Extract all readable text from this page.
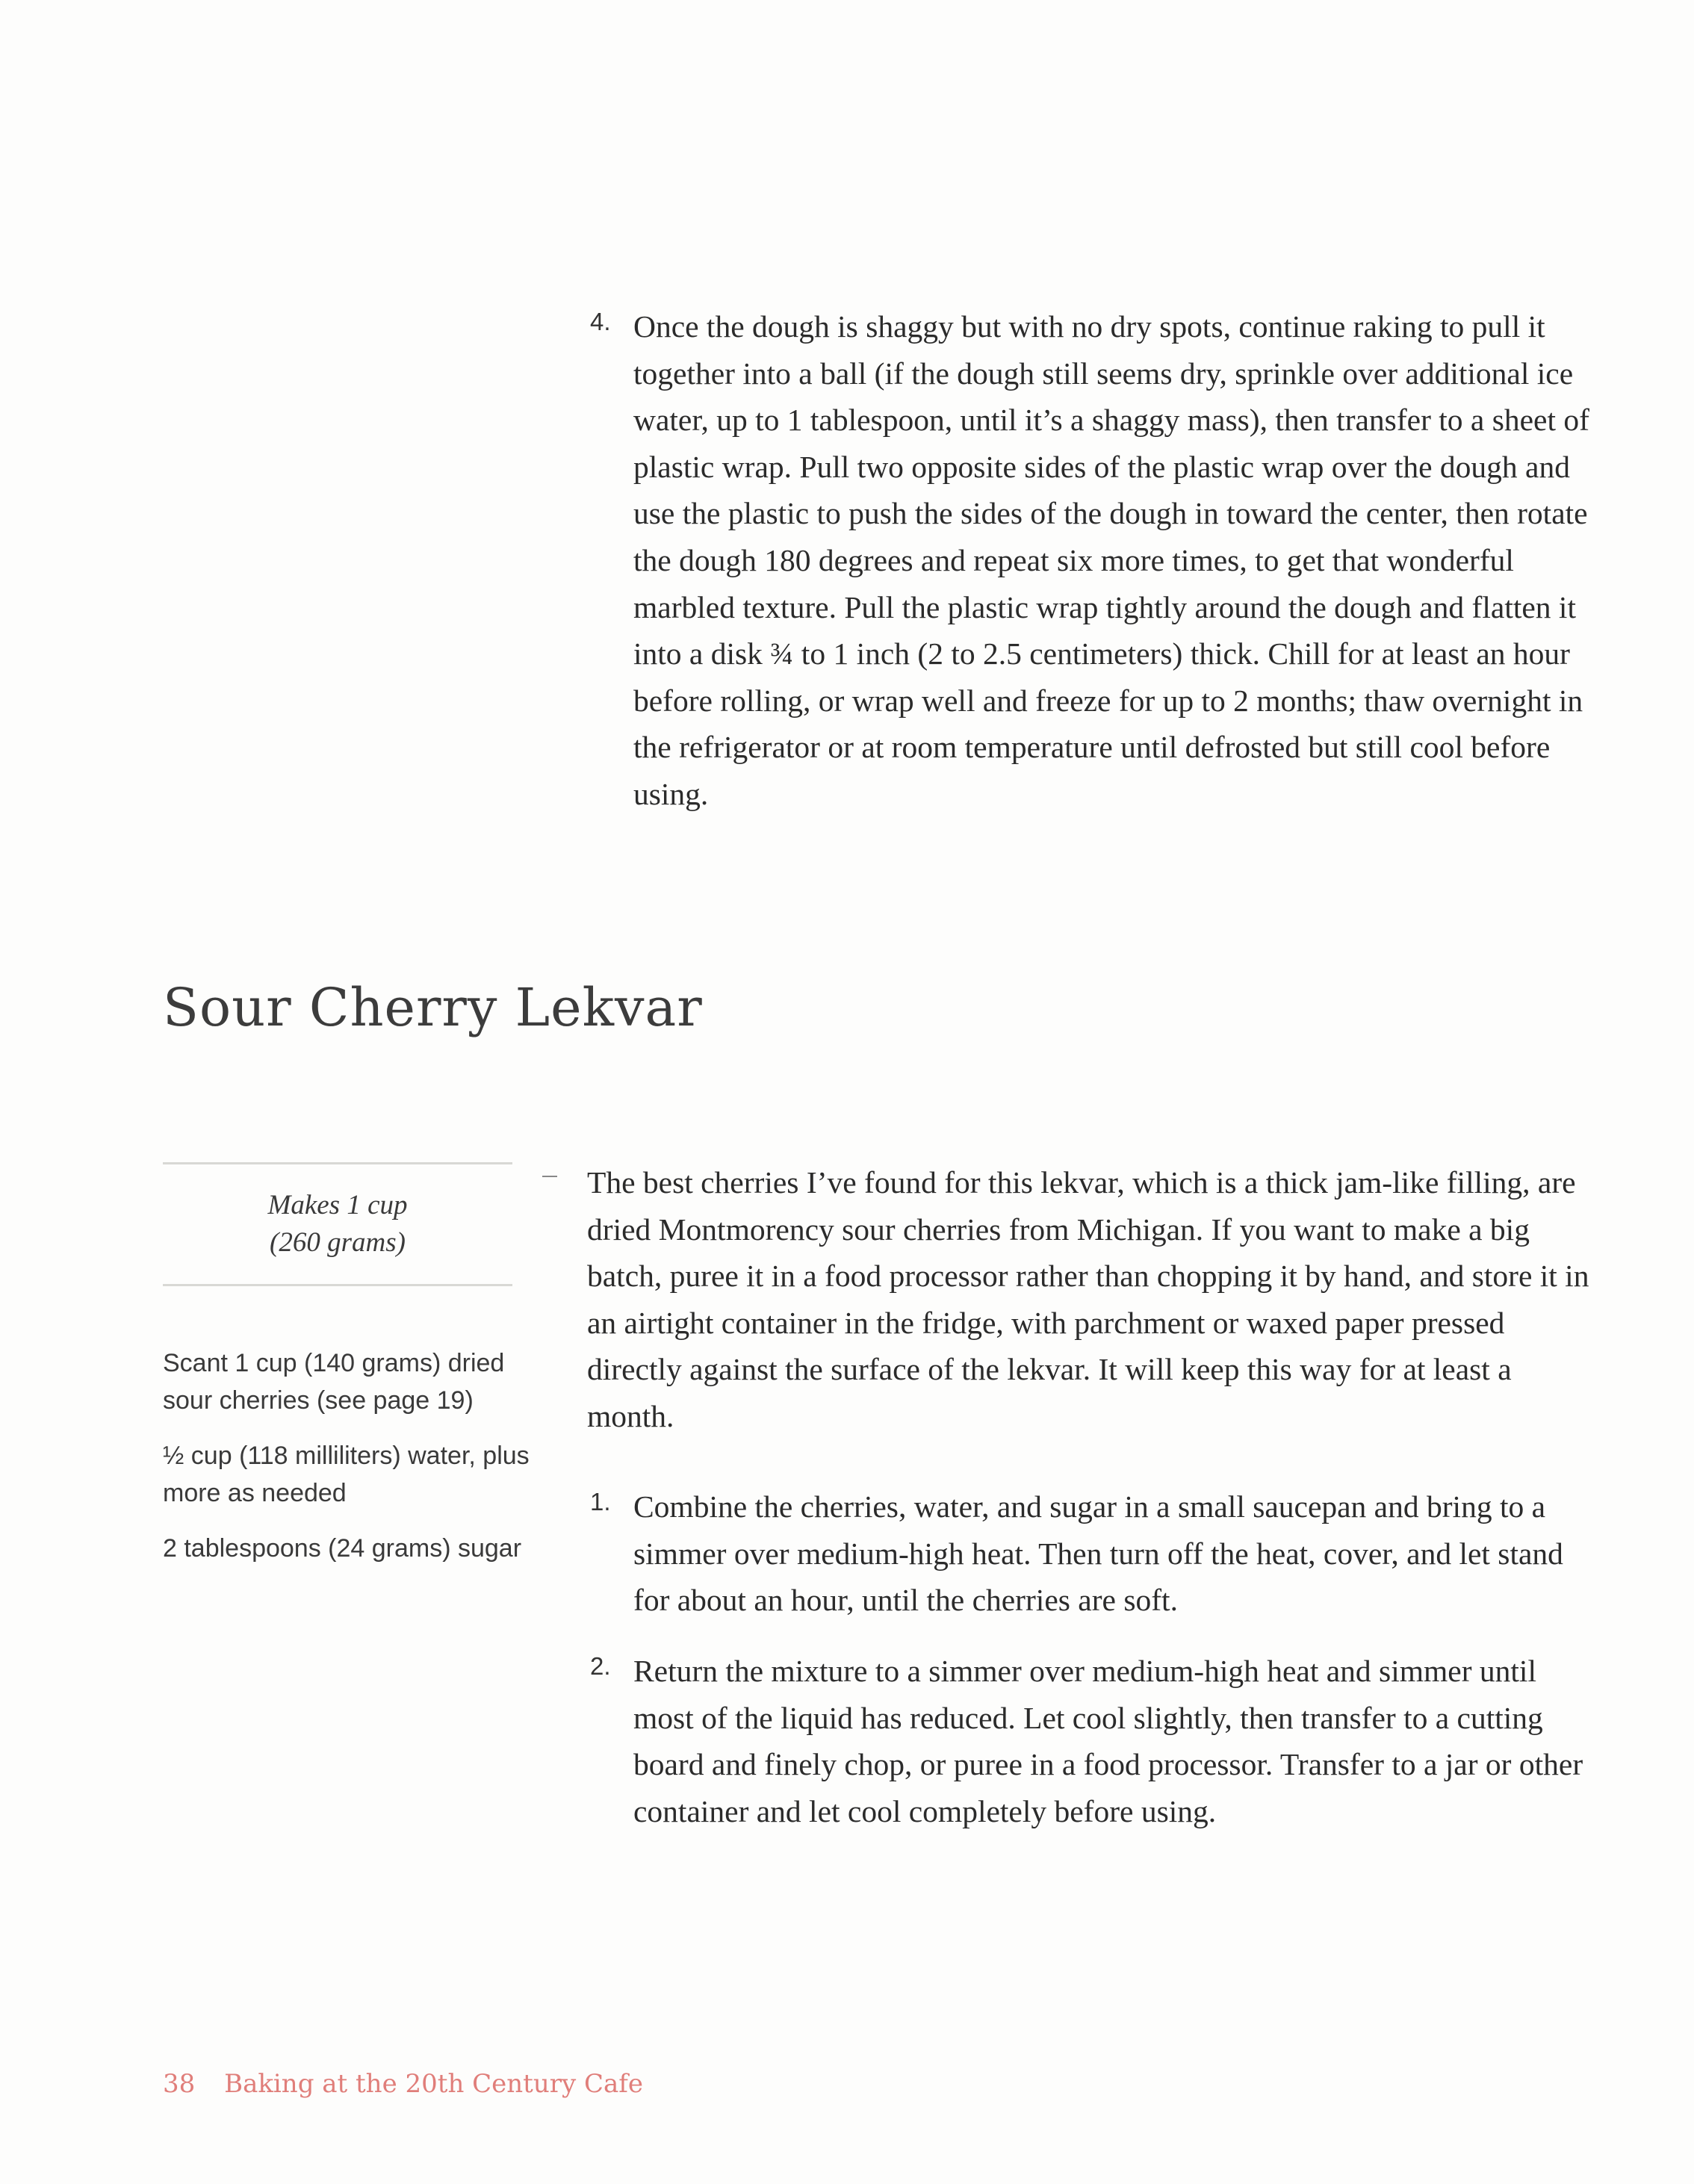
4. Once the dough is shaggy but with no dry spots, continue raking to pull it together into a ball (if the dough still seems dry, sprinkle over additional ice water, up to 1 tablespoon, until it’s a shaggy mass), then transfer to a sheet of plastic wrap. Pull two opposite sides of the plastic wrap over the dough and use the plastic to push the sides of the dough in toward the center, then rotate the dough 180 degrees and repeat six more times, to get that wonderful marbled texture. Pull the plastic wrap tightly around the dough and flatten it into a disk ¾ to 1 inch (2 to 2.5 centimeters) thick. Chill for at least an hour before rolling, or wrap well and freeze for up to 2 months; thaw overnight in the refrigerator or at room temperature until defrosted but still cool before using.
Sour Cherry Lekvar
Makes 1 cup
(260 grams)

Scant 1 cup (140 grams) dried sour cherries (see page 19)

½ cup (118 milliliters) water, plus more as needed

2 tablespoons (24 grams) sugar

The best cherries I’ve found for this lekvar, which is a thick jam-like filling, are dried Montmorency sour cherries from Michigan. If you want to make a big batch, puree it in a food processor rather than chopping it by hand, and store it in an airtight container in the fridge, with parchment or waxed paper pressed directly against the surface of the lekvar. It will keep this way for at least a month.
1. Combine the cherries, water, and sugar in a small saucepan and bring to a simmer over medium-high heat. Then turn off the heat, cover, and let stand for about an hour, until the cherries are soft.
2. Return the mixture to a simmer over medium-high heat and simmer until most of the liquid has reduced. Let cool slightly, then transfer to a cutting board and finely chop, or puree in a food processor. Transfer to a jar or other container and let cool completely before using.
38 Baking at the 20th Century Cafe
